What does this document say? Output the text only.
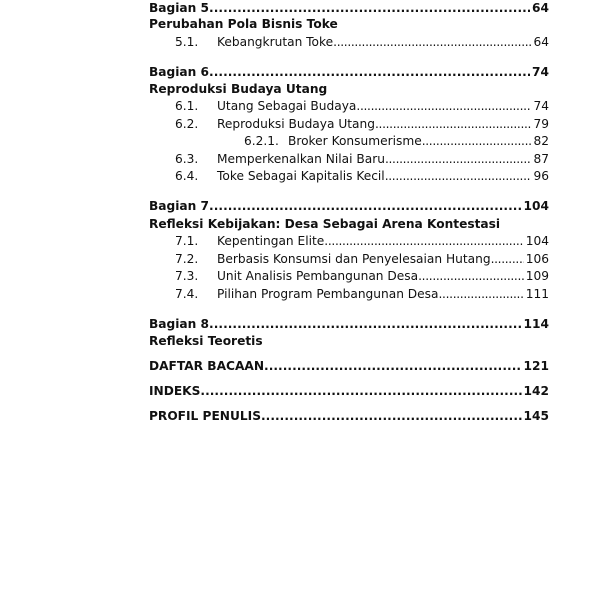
Bagian 5 . . .	64
Perubahan Pola Bisnis Toke
5.1.	Kebangkrutan Toke . . .	64
Bagian 6 . . .	74
Reproduksi Budaya Utang
6.1.	Utang Sebagai Budaya . . .	74
6.2.	Reproduksi Budaya Utang . . .	79
6.2.1. Broker Konsumerisme . . .	82
6.3.	Memperkenalkan Nilai Baru . . .	87
6.4.	Toke Sebagai Kapitalis Kecil . . .	96
Bagian 7 . . .	104
Refleksi Kebijakan: Desa Sebagai Arena Kontestasi
7.1.	Kepentingan Elite . . .	104
7.2.	Berbasis Konsumsi dan Penyelesaian Hutang . . .	106
7.3.	Unit Analisis Pembangunan Desa . . .	109
7.4.	Pilihan Program Pembangunan Desa . . .	111
Bagian 8 . . .	114
Refleksi Teoretis
DAFTAR BACAAN . . .	121
INDEKS . . .	142
PROFIL PENULIS . . .	145
